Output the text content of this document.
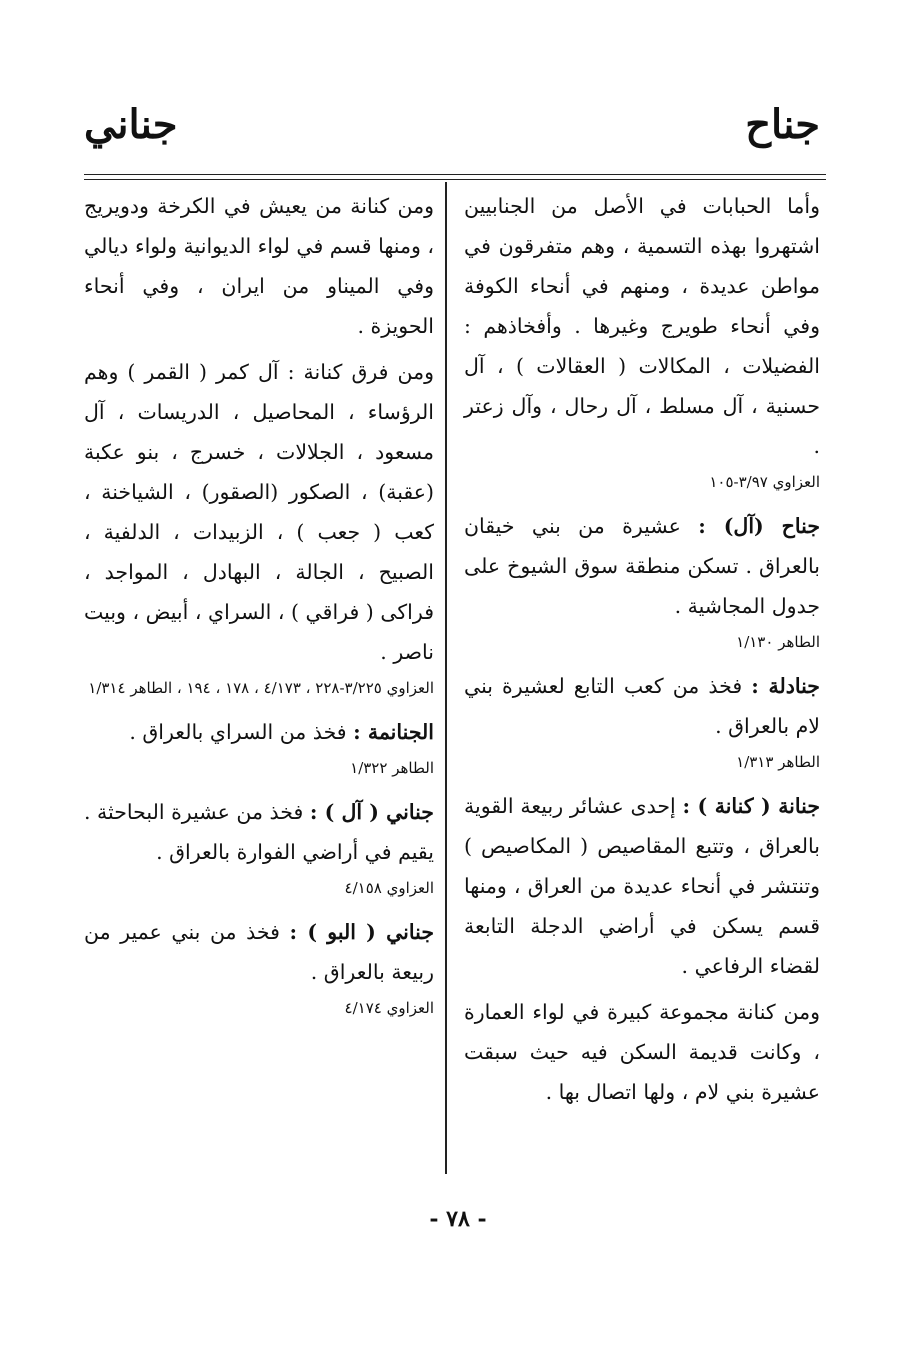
جناح
جناني

وأما الحبابات في الأصل من الجنابيين اشتهروا بهذه التسمية ، وهم متفرقون في مواطن عديدة ، ومنهم في أنحاء الكوفة وفي أنحاء طويرج وغيرها . وأفخاذهم : الفضيلات ، المكالات ( العقالات ) ، آل حسنية ، آل مسلط ، آل رحال ، وآل زعتر .

العزاوي ٣/٩٧-١٠٥

جناح (آل) : عشيرة من بني خيقان بالعراق . تسكن منطقة سوق الشيوخ على جدول المجاشية .

الطاهر ١/١٣٠

جنادلة : فخذ من كعب التابع لعشيرة بني لام بالعراق .

الطاهر ١/٣١٣

جنانة ( كنانة ) : إحدى عشائر ربيعة القوية بالعراق ، وتتبع المقاصيص ( المكاصيص ) وتنتشر في أنحاء عديدة من العراق ، ومنها قسم يسكن في أراضي الدجلة التابعة لقضاء الرفاعي .

ومن كنانة مجموعة كبيرة في لواء العمارة ، وكانت قديمة السكن فيه حيث سبقت عشيرة بني لام ، ولها اتصال بها .

ومن كنانة من يعيش في الكرخة ودويريج ، ومنها قسم في لواء الديوانية ولواء ديالي وفي الميناو من ايران ، وفي أنحاء الحويزة .

ومن فرق كنانة : آل كمر ( القمر ) وهم الرؤساء ، المحاصيل ، الدريسات ، آل مسعود ، الجلالات ، خسرج ، بنو عكبة (عقبة) ، الصكور (الصقور) ، الشياخنة ، كعب ( جعب ) ، الزبيدات ، الدلفية ، الصبيح ، الجالة ، البهادل ، المواجد ، فراكى ( فراقي ) ، السراي ، أبيض ، وبيت ناصر .

العزاوي ٣/٢٢٥-٢٢٨ ، ٤/١٧٣ ، ١٧٨ ، ١٩٤ ، الطاهر ١/٣١٤

الجنانمة : فخذ من السراي بالعراق .

الطاهر ١/٣٢٢

جناني ( آل ) : فخذ من عشيرة البحاحثة . يقيم في أراضي الفوارة بالعراق .

العزاوي ٤/١٥٨

جناني ( البو ) : فخذ من بني عمير من ربيعة بالعراق .

العزاوي ٤/١٧٤

- ٧٨ -
